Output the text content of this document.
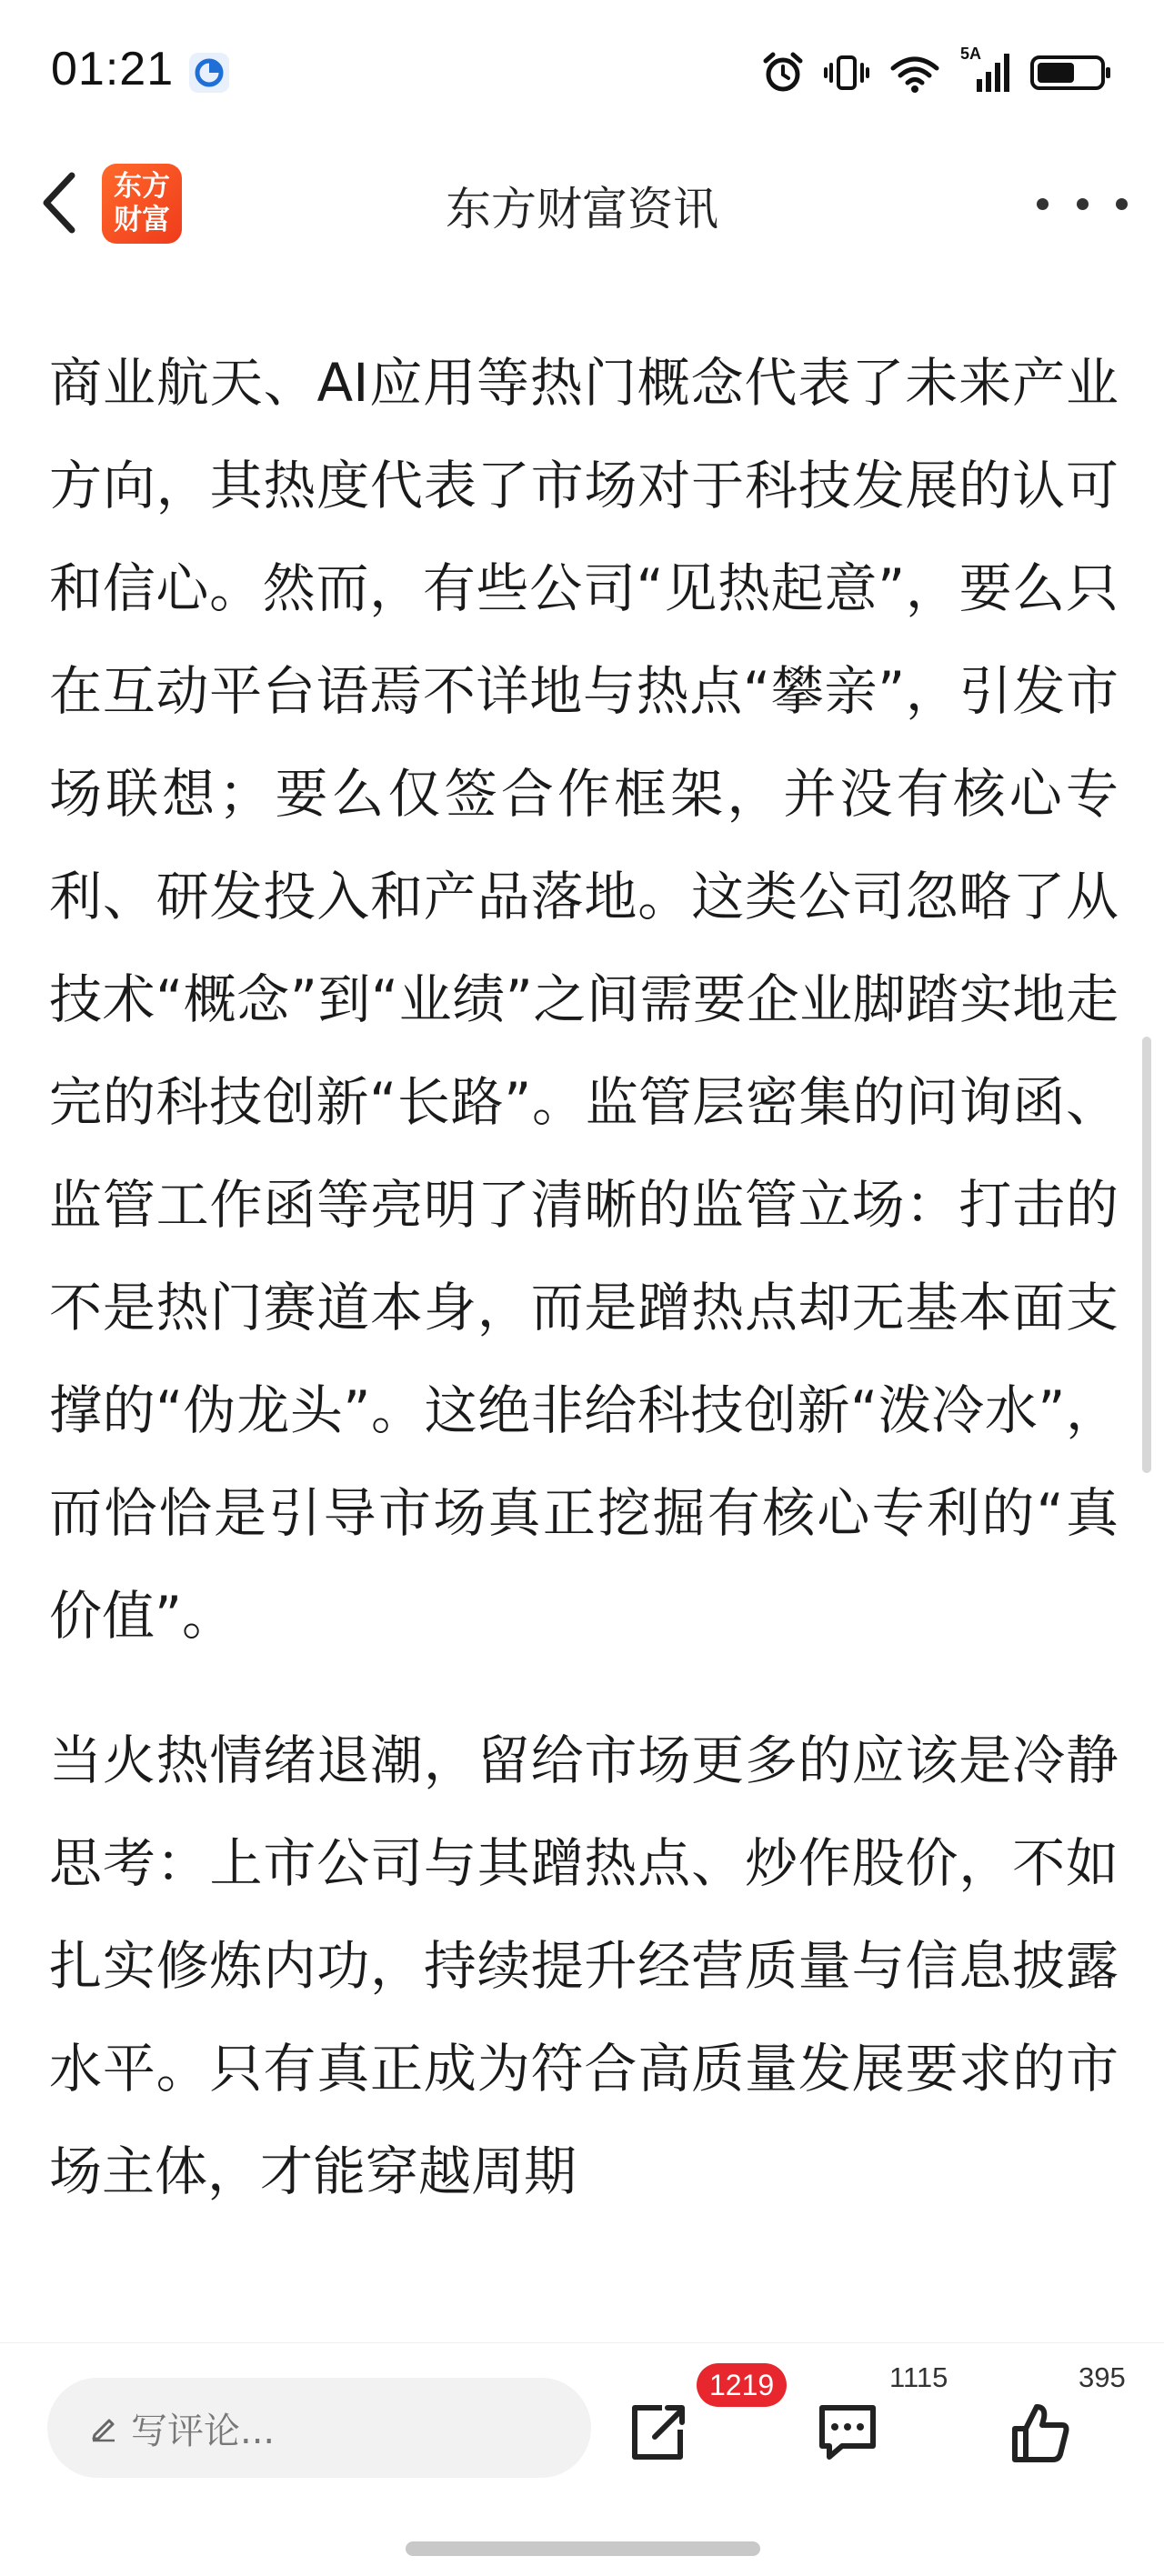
01:21	5A
东方
财富	东方财富资讯

商业航天、AI应用等热门概念代表了未来产业方向，其热度代表了市场对于科技发展的认可和信心。然而，有些公司“见热起意”，要么只在互动平台语焉不详地与热点“攀亲”，引发市场联想；要么仅签合作框架，并没有核心专利、研发投入和产品落地。这类公司忽略了从技术“概念”到“业绩”之间需要企业脚踏实地走完的科技创新“长路”。监管层密集的问询函、监管工作函等亮明了清晰的监管立场：打击的不是热门赛道本身，而是蹭热点却无基本面支撑的“伪龙头”。这绝非给科技创新“泼冷水”，而恰恰是引导市场真正挖掘有核心专利的“真价值”。

当火热情绪退潮，留给市场更多的应该是冷静思考：上市公司与其蹭热点、炒作股价，不如扎实修炼内功，持续提升经营质量与信息披露水平。只有真正成为符合高质量发展要求的市场主体，才能穿越周期

写评论...
1219	1115	395
